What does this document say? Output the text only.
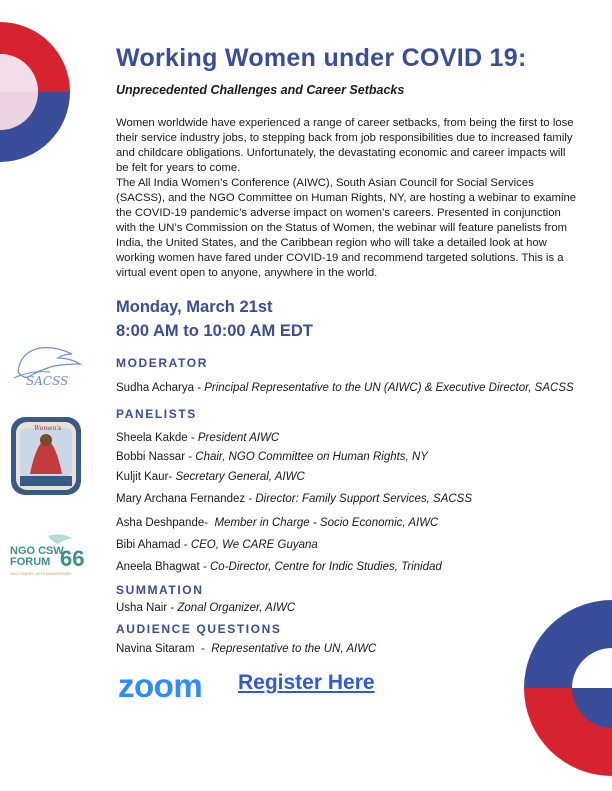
Working Women under COVID 19:
Unprecedented Challenges and Career Setbacks

Women worldwide have experienced a range of career setbacks, from being the first to lose their service industry jobs, to stepping back from job responsibilities due to increased family and childcare obligations. Unfortunately, the devastating economic and career impacts will be felt for years to come.

The All India Women’s Conference (AIWC), South Asian Council for Social Services (SACSS), and the NGO Committee on Human Rights, NY, are hosting a webinar to examine the COVID-19 pandemic’s adverse impact on women’s careers. Presented in conjunction with the UN’s Commission on the Status of Women, the webinar will feature panelists from India, the United States, and the Caribbean region who will take a detailed look at how working women have fared under COVID-19 and recommend targeted solutions. This is a virtual event open to anyone, anywhere in the world.

Monday, March 21st
8:00 AM to 10:00 AM EDT
SACSS
Women's
NGO CSW
FORUM 66
NGO CSW/NY | 50TH ANNIVERSARY
MODERATOR
Sudha Acharya - Principal Representative to the UN (AIWC) & Executive Director, SACSS
PANELISTS
Sheela Kakde - President AIWC
Bobbi Nassar - Chair, NGO Committee on Human Rights, NY
Kuljit Kaur- Secretary General, AIWC
Mary Archana Fernandez - Director: Family Support Services, SACSS
Asha Deshpande-  Member in Charge - Socio Economic, AIWC
Bibi Ahamad - CEO, We CARE Guyana
Aneela Bhagwat - Co-Director, Centre for Indic Studies, Trinidad
SUMMATION
Usha Nair - Zonal Organizer, AIWC
AUDIENCE QUESTIONS
Navina Sitaram  -  Representative to the UN, AIWC
zoom Register Here
